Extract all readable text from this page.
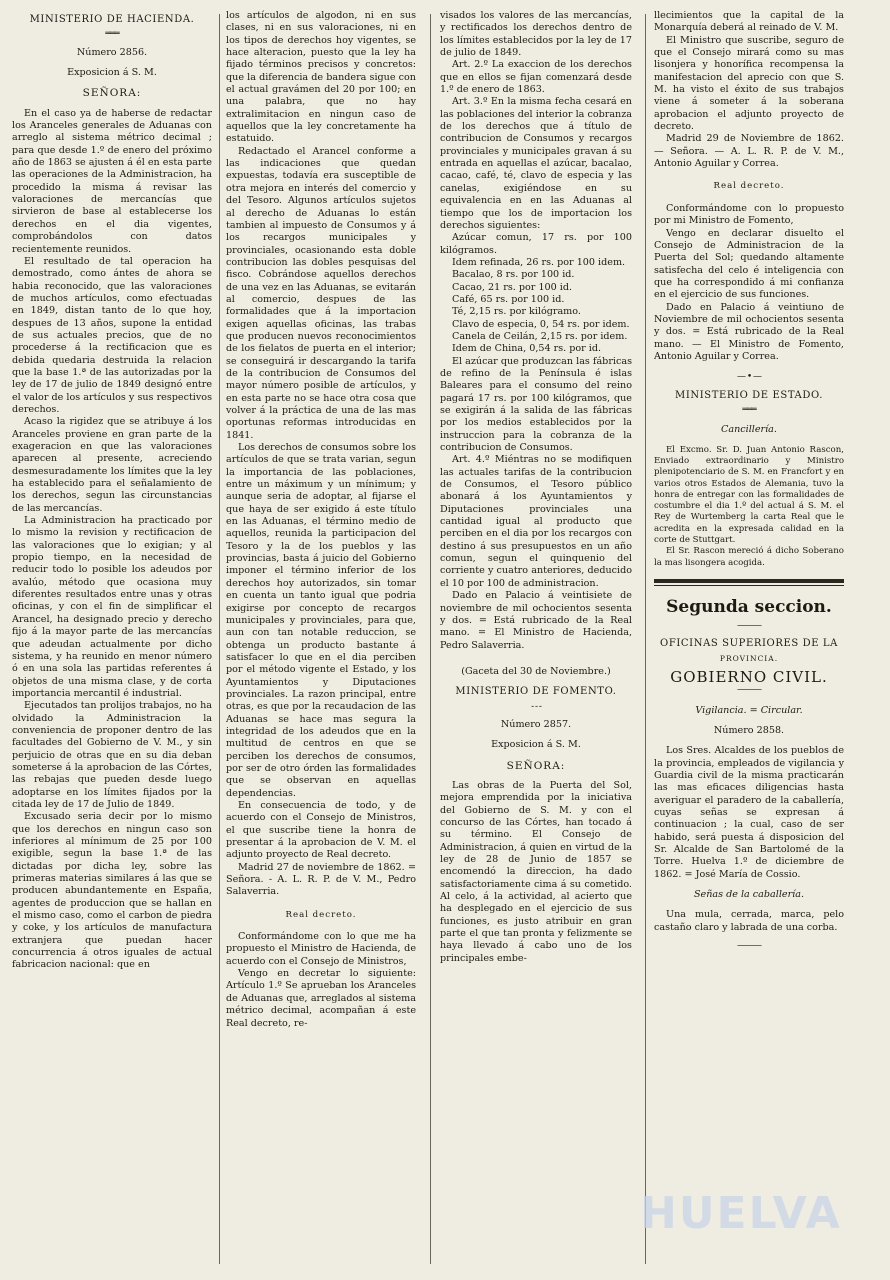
MINISTERIO DE HACIENDA.
═══
Número 2856.
Exposicion á S. M.
SEÑORA:

En el caso ya de haberse de redactar los Aranceles generales de Aduanas con arreglo al sistema métrico decimal ; para que desde 1.º de enero del próximo año de 1863 se ajusten á él en esta parte las operaciones de la Administracion, ha procedido la misma á revisar las valoraciones de mercancías que sirvieron de base al establecerse los derechos en el dia vigentes, comprobándolos con datos recientemente reunidos.

El resultado de tal operacion ha demostrado, como ántes de ahora se habia reconocido, que las valoraciones de muchos artículos, como efectuadas en 1849, distan tanto de lo que hoy, despues de 13 años, supone la entidad de sus actuales precios, que de no procederse á la rectificacion que es debida quedaria destruida la relacion que la base 1.ª de las autorizadas por la ley de 17 de julio de 1849 designó entre el valor de los artículos y sus respectivos derechos.

Acaso la rigidez que se atribuye á los Aranceles proviene en gran parte de la exageracion en que las valoraciones aparecen al presente, acreciendo desmesuradamente los límites que la ley ha establecido para el señalamiento de los derechos, segun las circunstancias de las mercancías.

La Administracion ha practicado por lo mismo la revision y rectificacion de las valoraciones que lo exigian; y al propio tiempo, en la necesidad de reducir todo lo posible los adeudos por avalúo, método que ocasiona muy diferentes resultados entre unas y otras oficinas, y con el fin de simplificar el Arancel, ha designado precio y derecho fijo á la mayor parte de las mercancías que adeudan actualmente por dicho sistema, y ha reunido en menor número ó en una sola las partidas referentes á objetos de una misma clase, y de corta importancia mercantil é industrial.

Ejecutados tan prolijos trabajos, no ha olvidado la Administracion la conveniencia de proponer dentro de las facultades del Gobierno de V. M., y sin perjuicio de otras que en su dia deban someterse á la aprobacion de las Córtes, las rebajas que pueden desde luego adoptarse en los límites fijados por la citada ley de 17 de Julio de 1849.

Excusado seria decir por lo mismo que los derechos en ningun caso son inferiores al mínimum de 25 por 100 exigible, segun la base 1.ª de las dictadas por dicha ley, sobre las primeras materias similares á las que se producen abundantemente en España, agentes de produccion que se hallan en el mismo caso, como el carbon de piedra y coke, y los artículos de manufactura extranjera que puedan hacer concurrencia á otros iguales de actual fabricacion nacional: que en

los artículos de algodon, ni en sus clases, ni en sus valoraciones, ni en los tipos de derechos hoy vigentes, se hace alteracion, puesto que la ley ha fijado términos precisos y concretos: que la diferencia de bandera sigue con el actual gravámen del 20 por 100; en una palabra, que no hay extralimitacion en ningun caso de aquellos que la ley concretamente ha estatuido.

Redactado el Arancel conforme a las indicaciones que quedan expuestas, todavía era susceptible de otra mejora en interés del comercio y del Tesoro. Algunos artículos sujetos al derecho de Aduanas lo están tambien al impuesto de Consumos y á los recargos municipales y provinciales, ocasionando esta doble contribucion las dobles pesquisas del fisco. Cobrándose aquellos derechos de una vez en las Aduanas, se evitarán al comercio, despues de las formalidades que á la importacion exigen aquellas oficinas, las trabas que producen nuevos reconocimientos de los fielatos de puerta en el interior; se conseguirá ir descargando la tarifa de la contribucion de Consumos del mayor número posible de artículos, y en esta parte no se hace otra cosa que volver á la práctica de una de las mas oportunas reformas introducidas en 1841.

Los derechos de consumos sobre los artículos de que se trata varian, segun la importancia de las poblaciones, entre un máximum y un mínimum; y aunque seria de adoptar, al fijarse el que haya de ser exigido á este título en las Aduanas, el término medio de aquellos, reunida la participacion del Tesoro y la de los pueblos y las provincias, basta á juicio del Gobierno imponer el término inferior de los derechos hoy autorizados, sin tomar en cuenta un tanto igual que podria exigirse por concepto de recargos municipales y provinciales, para que, aun con tan notable reduccion, se obtenga un producto bastante á satisfacer lo que en el dia perciben por el método vigente el Estado, y los Ayuntamientos y Diputaciones provinciales. La razon principal, entre otras, es que por la recaudacion de las Aduanas se hace mas segura la integridad de los adeudos que en la multitud de centros en que se perciben los derechos de consumos, por ser de otro órden las formalidades que se observan en aquellas dependencias.

En consecuencia de todo, y de acuerdo con el Consejo de Ministros, el que suscribe tiene la honra de presentar á la aprobacion de V. M. el adjunto proyecto de Real decreto.

Madrid 27 de noviembre de 1862. = Señora. - A. L. R. P. de V. M., Pedro Salaverria.

Real decreto.

Conformándome con lo que me ha propuesto el Ministro de Hacienda, de acuerdo con el Consejo de Ministros,

Vengo en decretar lo siguiente: Artículo 1.º Se aprueban los Aranceles de Aduanas que, arreglados al sistema métrico decimal, acompañan á este Real decreto, re-

visados los valores de las mercancías, y rectificados los derechos dentro de los límites establecidos por la ley de 17 de julio de 1849.

Art. 2.º La exaccion de los derechos que en ellos se fijan comenzará desde 1.º de enero de 1863.

Art. 3.º En la misma fecha cesará en las poblaciones del interior la cobranza de los derechos que á título de contribucion de Consumos y recargos provinciales y municipales gravan á su entrada en aquellas el azúcar, bacalao, cacao, café, té, clavo de especia y las canelas, exigiéndose en su equivalencia en en las Aduanas al tiempo que los de importacion los derechos siguientes:

Azúcar comun, 17 rs. por 100 kilógramos.

Idem refinada, 26 rs. por 100 idem.

Bacalao, 8 rs. por 100 id.

Cacao, 21 rs. por 100 id.

Café, 65 rs. por 100 id.

Té, 2,15 rs. por kilógramo.

Clavo de especia, 0, 54 rs. por idem.

Canela de Ceilán, 2,15 rs. por idem.

Idem de China, 0,54 rs. por id.

El azúcar que produzcan las fábricas de refino de la Península é islas Baleares para el consumo del reino pagará 17 rs. por 100 kilógramos, que se exigirán á la salida de las fábricas por los medios establecidos por la instruccion para la cobranza de la contribucion de Consumos.

Art. 4.º Miéntras no se modifiquen las actuales tarifas de la contribucion de Consumos, el Tesoro público abonará á los Ayuntamientos y Diputaciones provinciales una cantidad igual al producto que perciben en el dia por los recargos con destino á sus presupuestos en un año comun, segun el quinquenio del corriente y cuatro anteriores, deducido el 10 por 100 de administracion.

Dado en Palacio á veintisiete de noviembre de mil ochocientos sesenta y dos. = Está rubricado de la Real mano. = El Ministro de Hacienda, Pedro Salaverria.

(Gaceta del 30 de Noviembre.)
MINISTERIO DE FOMENTO.
- - -
Número 2857.
Exposicion á S. M.
SEÑORA:

Las obras de la Puerta del Sol, mejora emprendida por la iniciativa del Gobierno de S. M. y con el concurso de las Córtes, han tocado á su término. El Consejo de Administracion, á quien en virtud de la ley de 28 de Junio de 1857 se encomendó la direccion, ha dado satisfactoriamente cima á su cometido. Al celo, á la actividad, al acierto que ha desplegado en el ejercicio de sus funciones, es justo atribuir en gran parte el que tan pronta y felizmente se haya llevado á cabo uno de los principales embe-

llecimientos que la capital de la Monarquía deberá al reinado de V. M.

El Ministro que suscribe, seguro de que el Consejo mirará como su mas lisonjera y honorífica recompensa la manifestacion del aprecio con que S. M. ha visto el éxito de sus trabajos viene á someter á la soberana aprobacion el adjunto proyecto de decreto.

Madrid 29 de Noviembre de 1862. — Señora. — A. L. R. P. de V. M., Antonio Aguilar y Correa.

Real decreto.

Conformándome con lo propuesto por mi Ministro de Fomento,

Vengo en declarar disuelto el Consejo de Administracion de la Puerta del Sol; quedando altamente satisfecha del celo é inteligencia con que ha correspondido á mi confianza en el ejercicio de sus funciones.

Dado en Palacio á veintiuno de Noviembre de mil ochocientos sesenta y dos. = Está rubricado de la Real mano. — El Ministro de Fomento, Antonio Aguilar y Correa.

— • —
MINISTERIO DE ESTADO.
═══
Cancillería.

El Excmo. Sr. D. Juan Antonio Rascon, Enviado extraordinario y Ministro plenipotenciario de S. M. en Francfort y en varios otros Estados de Alemania, tuvo la honra de entregar con las formalidades de costumbre el dia 1.º del actual á S. M. el Rey de Wurtemberg la carta Real que le acredita en la expresada calidad en la corte de Stuttgart.

El Sr. Rascon mereció á dicho Soberano la mas lisongera acogida.

Segunda seccion.
———
OFICINAS SUPERIORES DE LA
PROVINCIA.
GOBIERNO CIVIL.
———
Vigilancia. = Circular.
Número 2858.

Los Sres. Alcaldes de los pueblos de la provincia, empleados de vigilancia y Guardia civil de la misma practicarán las mas eficaces diligencias hasta averiguar el paradero de la caballería, cuyas señas se expresan á continuacion ; la cual, caso de ser habido, será puesta á disposicion del Sr. Alcalde de San Bartolomé de la Torre. Huelva 1.º de diciembre de 1862. = José María de Cossio.

Señas de la caballería.

Una mula, cerrada, marca, pelo castaño claro y labrada de una corba.

———
HUELVA
